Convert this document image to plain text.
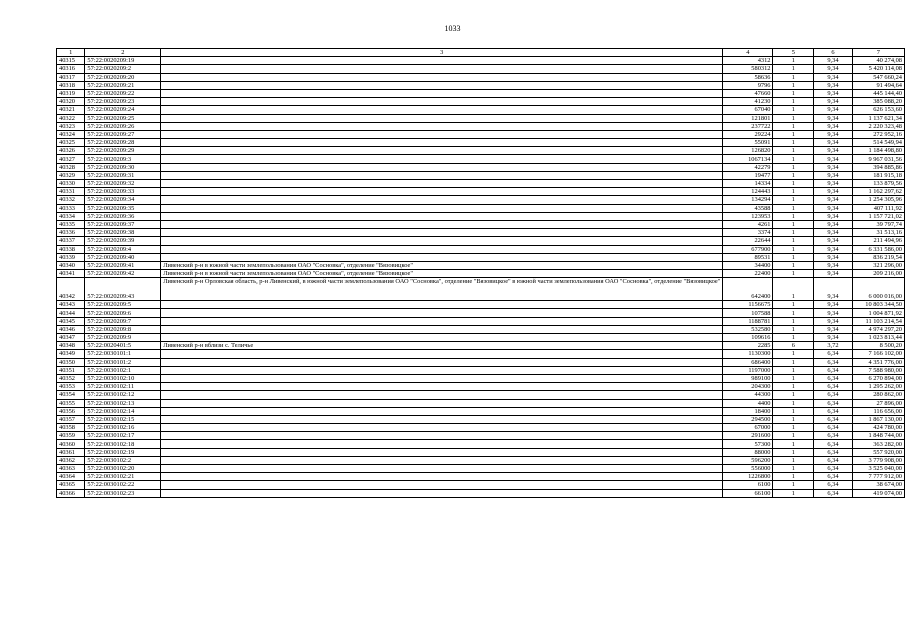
1033
1	2	3	4	5	6	7
40315	57:22:0020209:19		4312	1	9,34	40 274,08
40316	57:22:0020209:2		580312	1	9,34	5 420 114,08
40317	57:22:0020209:20		58636	1	9,34	547 660,24
40318	57:22:0020209:21		9796	1	9,34	91 494,64
40319	57:22:0020209:22		47660	1	9,34	445 144,40
40320	57:22:0020209:23		41230	1	9,34	385 088,20
40321	57:22:0020209:24		67040	1	9,34	626 153,60
40322	57:22:0020209:25		121801	1	9,34	1 137 621,34
40323	57:22:0020209:26		237722	1	9,34	2 220 323,48
40324	57:22:0020209:27		29224	1	9,34	272 952,16
40325	57:22:0020209:28		55091	1	9,34	514 549,94
40326	57:22:0020209:29		126820	1	9,34	1 184 498,80
40327	57:22:0020209:3		1067134	1	9,34	9 967 031,56
40328	57:22:0020209:30		42279	1	9,34	394 885,86
40329	57:22:0020209:31		19477	1	9,34	181 915,18
40330	57:22:0020209:32		14334	1	9,34	133 879,56
40331	57:22:0020209:33		124443	1	9,34	1 162 297,62
40332	57:22:0020209:34		134294	1	9,34	1 254 305,96
40333	57:22:0020209:35		43588	1	9,34	407 111,92
40334	57:22:0020209:36		123953	1	9,34	1 157 721,02
40335	57:22:0020209:37		4261	1	9,34	39 797,74
40336	57:22:0020209:38		3374	1	9,34	31 513,16
40337	57:22:0020209:39		22644	1	9,34	211 494,96
40338	57:22:0020209:4		677900	1	9,34	6 331 586,00
40339	57:22:0020209:40		89531	1	9,34	836 219,54
40340	57:22:0020209:41	Ливенский р-н в южной части землепользования ОАО "Сосновка", отделение "Вязовицкое"	34400	1	9,34	321 296,00
40341	57:22:0020209:42	Ливенский р-н в южной части землепользования ОАО "Сосновка", отделение "Вязовицкое"	22400	1	9,34	209 216,00
40342	57:22:0020209:43	Ливенский р-н Орловская область, р-н Ливенский, в южной части землепользования ОАО "Сосновка", отделение "Вязовицкое" в южной части землепользования ОАО "Сосновка", отделение "Вязовицкое"	642400	1	9,34	6 000 016,00
40343	57:22:0020209:5		1156675	1	9,34	10 803 344,50
40344	57:22:0020209:6		107588	1	9,34	1 004 871,92
40345	57:22:0020209:7		1188781	1	9,34	11 103 214,54
40346	57:22:0020209:8		532580	1	9,34	4 974 297,20
40347	57:22:0020209:9		109616	1	9,34	1 023 813,44
40348	57:22:0020401:5	Ливенский р-н вблизи с. Теличье	2285	6	3,72	8 500,20
40349	57:22:0030101:1		1130300	1	6,34	7 166 102,00
40350	57:22:0030101:2		686400	1	6,34	4 351 776,00
40351	57:22:0030102:1		1197000	1	6,34	7 588 980,00
40352	57:22:0030102:10		989100	1	6,34	6 270 894,00
40353	57:22:0030102:11		204300	1	6,34	1 295 262,00
40354	57:22:0030102:12		44300	1	6,34	280 862,00
40355	57:22:0030102:13		4400	1	6,34	27 896,00
40356	57:22:0030102:14		18400	1	6,34	116 656,00
40357	57:22:0030102:15		294500	1	6,34	1 867 130,00
40358	57:22:0030102:16		67000	1	6,34	424 780,00
40359	57:22:0030102:17		291600	1	6,34	1 848 744,00
40360	57:22:0030102:18		57300	1	6,34	363 282,00
40361	57:22:0030102:19		88000	1	6,34	557 920,00
40362	57:22:0030102:2		596200	1	6,34	3 779 908,00
40363	57:22:0030102:20		556000	1	6,34	3 525 040,00
40364	57:22:0030102:21		1226800	1	6,34	7 777 912,00
40365	57:22:0030102:22		6100	1	6,34	38 674,00
40366	57:22:0030102:23		66100	1	6,34	419 074,00
